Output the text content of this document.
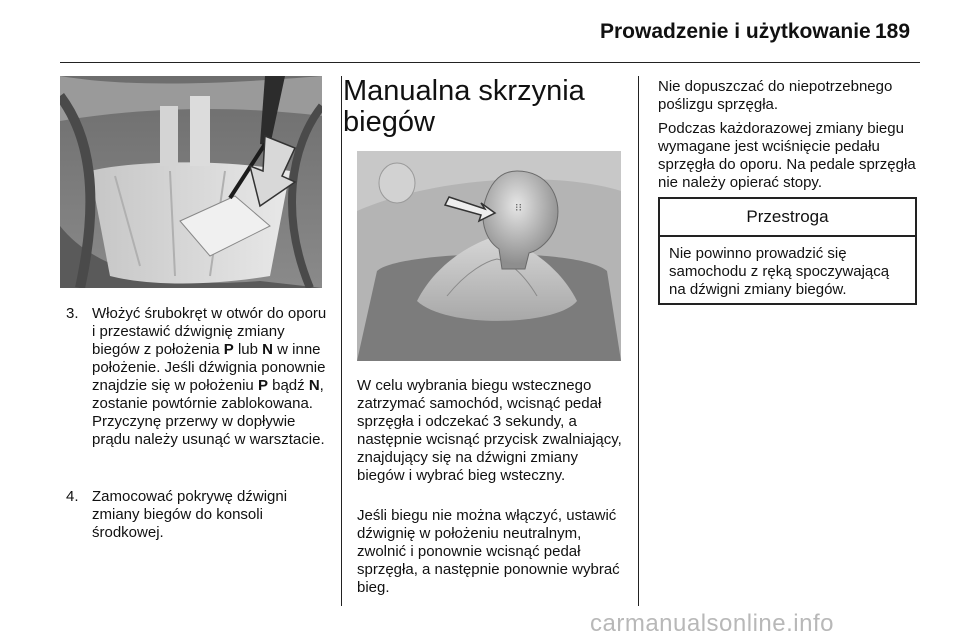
Prowadzenie i użytkowanie 189
3. Włożyć śrubokręt w otwór do oporu i przestawić dźwignię zmiany biegów z położenia P lub N w inne położenie. Jeśli dźwignia ponownie znajdzie się w położeniu P bądź N, zostanie powtórnie zablokowana. Przyczynę przerwy w dopływie prądu należy usunąć w warsztacie.
4. Zamocować pokrywę dźwigni zmiany biegów do konsoli środkowej.
Manualna skrzynia biegów
⁝⁝
W celu wybrania biegu wstecznego zatrzymać samochód, wcisnąć pedał sprzęgła i odczekać 3 sekundy, a następnie wcisnąć przycisk zwalniający, znajdujący się na dźwigni zmiany biegów i wybrać bieg wsteczny.
Jeśli biegu nie można włączyć, ustawić dźwignię w położeniu neutralnym, zwolnić i ponownie wcisnąć pedał sprzęgła, a następnie ponownie wybrać bieg.
Nie dopuszczać do niepotrzebnego poślizgu sprzęgła.
Podczas każdorazowej zmiany biegu wymagane jest wciśnięcie pedału sprzęgła do oporu. Na pedale sprzęgła nie należy opierać stopy.
Przestroga
Nie powinno prowadzić się samochodu z ręką spoczywającą na dźwigni zmiany biegów.
carmanualsonline.info
